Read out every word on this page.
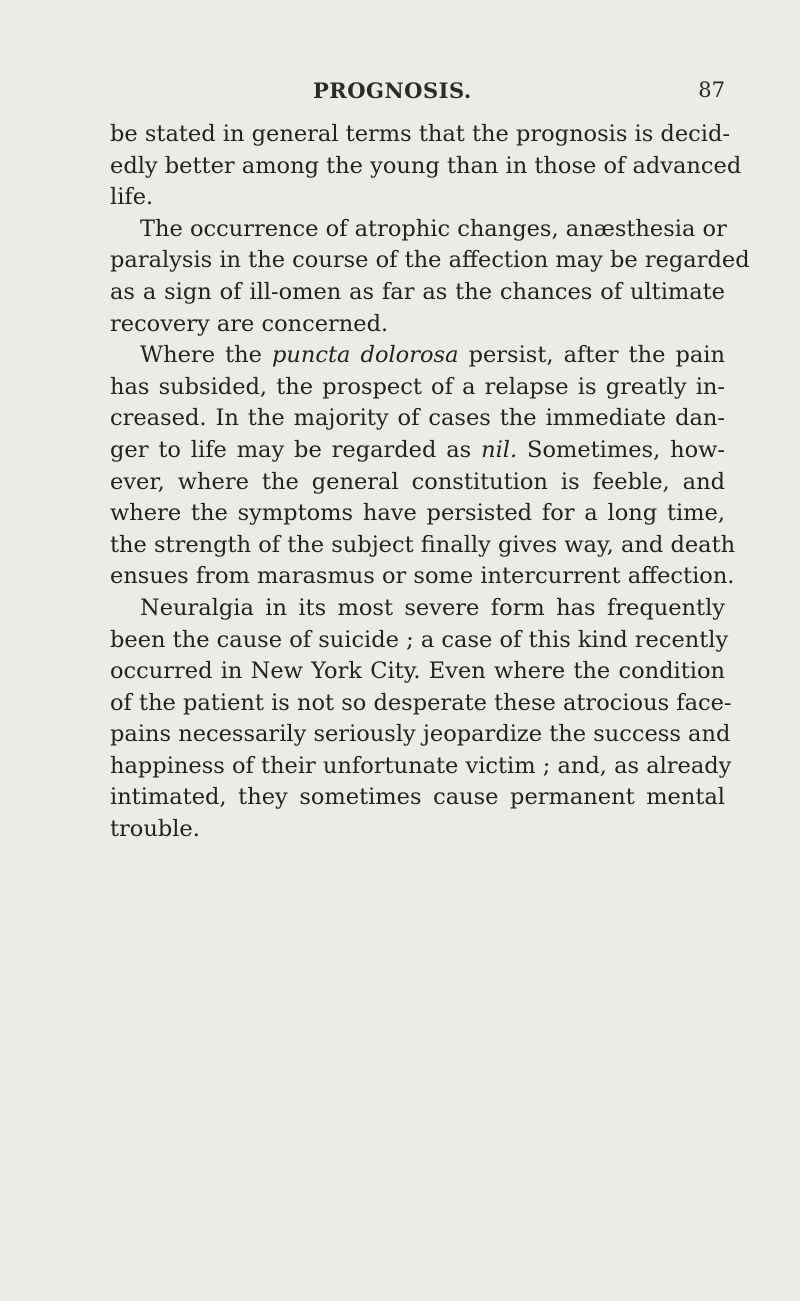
PROGNOSIS.	87
be stated in general terms that the prognosis is decid-
edly better among the young than in those of advanced
life.
The occurrence of atrophic changes, anæsthesia or
paralysis in the course of the affection may be regarded
as a sign of ill-omen as far as the chances of ultimate
recovery are concerned.
Where the puncta dolorosa persist, after the pain
has subsided, the prospect of a relapse is greatly in-
creased. In the majority of cases the immediate dan-
ger to life may be regarded as nil. Sometimes, how-
ever, where the general constitution is feeble, and
where the symptoms have persisted for a long time,
the strength of the subject finally gives way, and death
ensues from marasmus or some intercurrent affection.
Neuralgia in its most severe form has frequently
been the cause of suicide ; a case of this kind recently
occurred in New York City. Even where the condition
of the patient is not so desperate these atrocious face-
pains necessarily seriously jeopardize the success and
happiness of their unfortunate victim ; and, as already
intimated, they sometimes cause permanent mental
trouble.
